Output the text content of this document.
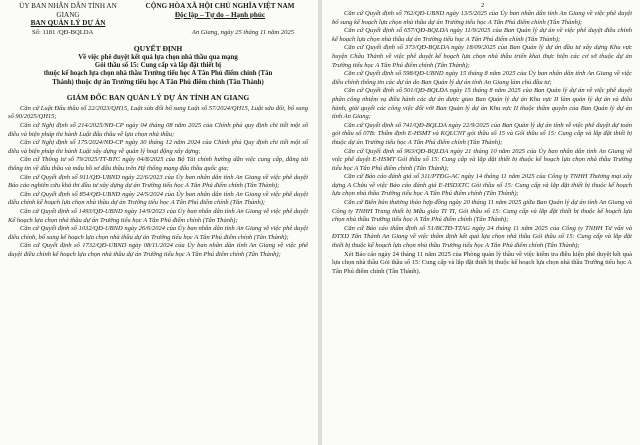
ỦY BAN NHÂN DÂN TỈNH AN GIANG
BAN QUẢN LÝ DỰ ÁN
CỘNG HÒA XÃ HỘI CHỦ NGHĨA VIỆT NAM
Độc lập – Tự do – Hạnh phúc
Số: 1181 /QĐ-BQLDA	An Giang, ngày 25 tháng 11 năm 2025
QUYẾT ĐỊNH
Về việc phê duyệt kết quả lựa chọn nhà thầu qua mạng
Gói thầu số 15: Cung cấp và lắp đặt thiết bị
thuộc kế hoạch lựa chọn nhà thầu Trường tiểu học A Tân Phú điểm chính (Tân
Thành) thuộc dự án Trường tiểu học A Tân Phú điểm chính (Tân Thành)
GIÁM ĐỐC BAN QUẢN LÝ DỰ ÁN TỈNH AN GIANG

Căn cứ Luật Đấu thầu số 22/2023/QH15, Luật sửa đổi bổ sung Luật số 57/2024/QH15, Luật sửa đổi, bổ sung số 90/2025/QH15;

Căn cứ Nghị định số 214/2025/NĐ-CP ngày 04 tháng 08 năm 2025 của Chính phủ quy định chi tiết một số điều và biện pháp thi hành Luật đấu thầu về lựa chọn nhà thầu;

Căn cứ Nghị định số 175/2024/NĐ-CP ngày 30 tháng 12 năm 2024 của Chính phủ Quy định chi tiết một số điều và biện pháp thi hành Luật xây dựng về quản lý hoạt động xây dựng;

Căn cứ Thông tư số 79/2025/TT-BTC ngày 04/8/2025 của Bộ Tài chính hướng dẫn việc cung cấp, đăng tải thông tin về đấu thầu và mẫu hồ sơ đấu thầu trên Hệ thống mạng đấu thầu quốc gia;

Căn cứ Quyết định số 911/QĐ-UBND ngày 22/6/2023 của Ủy ban nhân dân tỉnh An Giang về việc phê duyệt Báo cáo nghiên cứu khả thi đầu tư xây dựng dự án Trường tiểu học A Tân Phú điểm chính (Tân Thành);

Căn cứ Quyết định số 854/QĐ-UBND ngày 24/5/2024 của Ủy ban nhân dân tỉnh An Giang về việc phê duyệt điều chỉnh kế hoạch lựa chọn nhà thầu dự án Trường tiểu học A Tân Phú điểm chính (Tân Thành);

Căn cứ Quyết định số 1493/QĐ-UBND ngày 14/9/2023 của Ủy ban nhân dân tỉnh An Giang về việc phê duyệt Kế hoạch lựa chọn nhà thầu dự án Trường tiểu học A Tân Phú điểm chính (Tân Thành);

Căn cứ Quyết định số 1032/QĐ-UBND ngày 26/6/2024 của Ủy ban nhân dân tỉnh An Giang về việc phê duyệt điều chỉnh, bổ sung kế hoạch lựa chọn nhà thầu dự án Trường tiểu học A Tân Phú điểm chính (Tân Thành);

Căn cứ Quyết định số 1732/QĐ-UBND ngày 08/11/2024 của Ủy ban nhân dân tỉnh An Giang về việc phê duyệt điều chỉnh kế hoạch lựa chọn nhà thầu dự án Trường tiểu học A Tân Phú điểm chính (Tân Thành);

2

Căn cứ Quyết định số 762/QĐ-UBND ngày 13/5/2025 của Ủy ban nhân dân tỉnh An Giang về việc phê duyệt bổ sung kế hoạch lựa chọn nhà thầu dự án Trường tiểu học A Tân Phú điểm chính (Tân Thành);

Căn cứ Quyết định số 657/QĐ-BQLDA ngày 11/9/2025 của Ban Quản lý dự án về việc phê duyệt điều chỉnh kế hoạch lựa chọn nhà thầu dự án Trường tiểu học A Tân Phú điểm chính (Tân Thành);

Căn cứ Quyết định số 373/QĐ-BQLDA ngày 18/09/2025 của Ban Quản lý dự án đầu tư xây dựng Khu vực huyện Châu Thành về việc phê duyệt kế hoạch lựa chọn nhà thầu triển khai thực hiện các cơ sở thuộc dự án Trường tiểu học A Tân Phú điểm chính (Tân Thành);

Căn cứ Quyết định số 598/QĐ-UBND ngày 15 tháng 8 năm 2025 của Ủy ban nhân dân tỉnh An Giang về việc điều chỉnh thông tin các dự án do Ban Quản lý dự án tỉnh An Giang làm chủ đầu tư;

Căn cứ Quyết định số 501/QĐ-BQLDA ngày 15 tháng 8 năm 2025 của Ban Quản lý dự án về việc phê duyệt phân công nhiệm vụ điều hành các dự án được giao Ban Quản lý dự án Khu vực II làm quản lý dự án và điều hành, giải quyết các công việc đối với Ban Quản lý dự án Khu vực II thuộc thẩm quyền của Ban Quản lý dự án tỉnh An Giang;

Căn cứ Quyết định số 741/QĐ-BQLDA ngày 22/9/2025 của Ban Quản lý dự án tỉnh về việc phê duyệt dự toán gói thầu số 07B: Thẩm định E-HSMT và KQLCNT gói thầu số 15 và Gói thầu số 15: Cung cấp và lắp đặt thiết bị thuộc dự án Trường tiểu học A Tân Phú điểm chính (Tân Thành);

Căn cứ Quyết định số 963/QĐ-BQLDA ngày 21 tháng 10 năm 2025 của Ủy ban nhân dân tỉnh An Giang về việc phê duyệt E-HSMT Gói thầu số 15: Cung cấp và lắp đặt thiết bị thuộc kế hoạch lựa chọn nhà thầu Trường tiểu học A Tân Phú điểm chính (Tân Thành);

Căn cứ Báo cáo đánh giá số 311/PTĐG-AC ngày 14 tháng 11 năm 2025 của Công ty TNHH Thương mại xây dựng A Châu về việc Báo cáo đánh giá E-HSDXTC Gói thầu số 15: Cung cấp và lắp đặt thiết bị thuộc kế hoạch lựa chọn nhà thầu Trường tiểu học A Tân Phú điểm chính (Tân Thành);

Căn cứ Biên bản thương thảo hợp đồng ngày 20 tháng 11 năm 2025 giữa Ban Quản lý dự án tỉnh An Giang và Công ty TNHH Trang thiết bị Mẫu giáo TI TI, Gói thầu số 15: Cung cấp và lắp đặt thiết bị thuộc kế hoạch lựa chọn nhà thầu Trường tiểu học A Tân Phú điểm chính (Tân Thành);

Căn cứ Báo cáo thẩm định số 51/BCTĐ-TTAG ngày 24 tháng 11 năm 2025 của Công ty TNHH Tư vấn và ĐTXD Tân Thành An Giang về việc thẩm định kết quả lựa chọn nhà thầu Gói thầu số 15: Cung cấp và lắp đặt thiết bị thuộc kế hoạch lựa chọn nhà thầu Trường tiểu học A Tân Phú điểm chính (Tân Thành);

Xét Báo cáo ngày 24 tháng 11 năm 2025 của Phòng quản lý thầu về việc kiểm tra điều kiện phê duyệt kết quả lựa chọn nhà thầu Gói thầu số 15: Cung cấp và lắp đặt thiết bị thuộc kế hoạch lựa chọn nhà thầu Trường tiểu học A Tân Phú điểm chính (Tân Thành).
